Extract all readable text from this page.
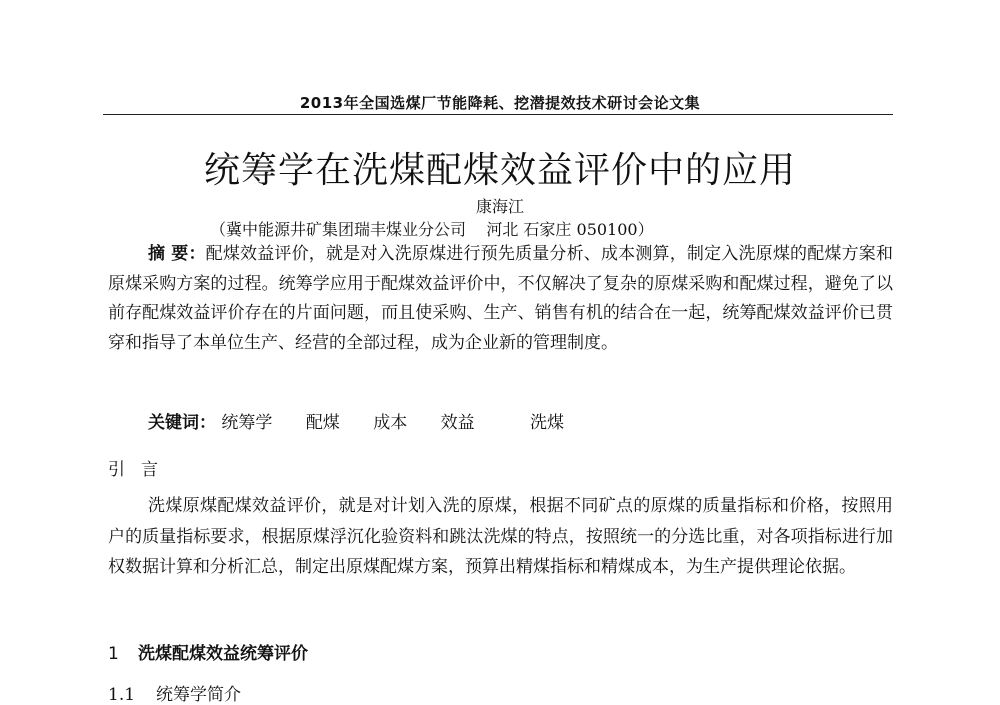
2013年全国选煤厂节能降耗、挖潜提效技术研讨会论文集
统筹学在洗煤配煤效益评价中的应用
康海江
（冀中能源井矿集团瑞丰煤业分公司    河北 石家庄 050100）

摘 要：配煤效益评价，就是对入洗原煤进行预先质量分析、成本测算，制定入洗原煤的配煤方案和原煤采购方案的过程。统筹学应用于配煤效益评价中，不仅解决了复杂的原煤采购和配煤过程，避免了以前存配煤效益评价存在的片面问题，而且使采购、生产、销售有机的结合在一起，统筹配煤效益评价已贯穿和指导了本单位生产、经营的全部过程，成为企业新的管理制度。

关键词： 统筹学 配煤 成本 效益	洗煤
引言

洗煤原煤配煤效益评价，就是对计划入洗的原煤，根据不同矿点的原煤的质量指标和价格，按照用户的质量指标要求，根据原煤浮沉化验资料和跳汰洗煤的特点，按照统一的分选比重，对各项指标进行加权数据计算和分析汇总，制定出原煤配煤方案，预算出精煤指标和精煤成本，为生产提供理论依据。

1 洗煤配煤效益统筹评价
1.1 统筹学简介
